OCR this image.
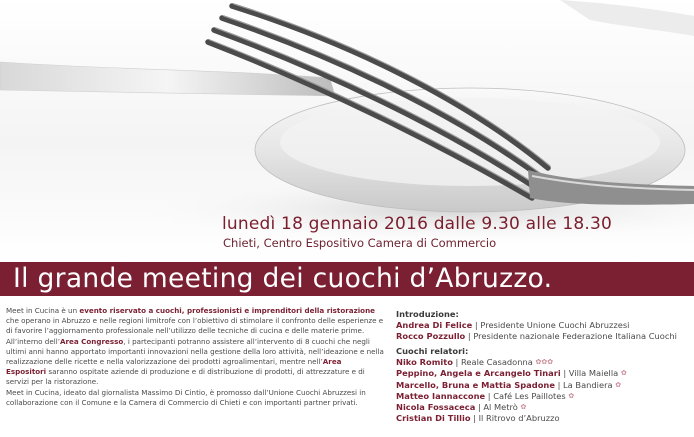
lunedì 18 gennaio 2016 dalle 9.30 alle 18.30
Chieti, Centro Espositivo Camera di Commercio
Il grande meeting dei cuochi d’Abruzzo.

Meet in Cucina è un evento riservato a cuochi, professionisti e imprenditori della ristorazione che operano in Abruzzo e nelle regioni limitrofe con l’obiettivo di stimolare il confronto delle esperienze e di favorire l’aggiornamento professionale nell’utilizzo delle tecniche di cucina e delle materie prime. All’interno dell’Area Congresso, i partecipanti potranno assistere all’intervento di 8 cuochi che negli ultimi anni hanno apportato importanti innovazioni nella gestione della loro attività, nell’ideazione e nella realizzazione delle ricette e nella valorizzazione dei prodotti agroalimentari, mentre nell’Area Espositori saranno ospitate aziende di produzione e di distribuzione di prodotti, di attrezzature e di servizi per la ristorazione.

Meet in Cucina, ideato dal giornalista Massimo Di Cintio, è promosso dall’Unione Cuochi Abruzzesi in collaborazione con il Comune e la Camera di Commercio di Chieti e con importanti partner privati.

Introduzione:
Andrea Di Felice | Presidente Unione Cuochi Abruzzesi
Rocco Pozzullo | Presidente nazionale Federazione Italiana Cuochi
Cuochi relatori:
Niko Romito | Reale Casadonna ✿✿✿
Peppino, Angela e Arcangelo Tinari | Villa Maiella ✿
Marcello, Bruna e Mattia Spadone | La Bandiera ✿
Matteo Iannaccone | Café Les Paillotes ✿
Nicola Fossaceca | Al Metrò ✿
Cristian Di Tillio | Il Ritrovo d’Abruzzo
